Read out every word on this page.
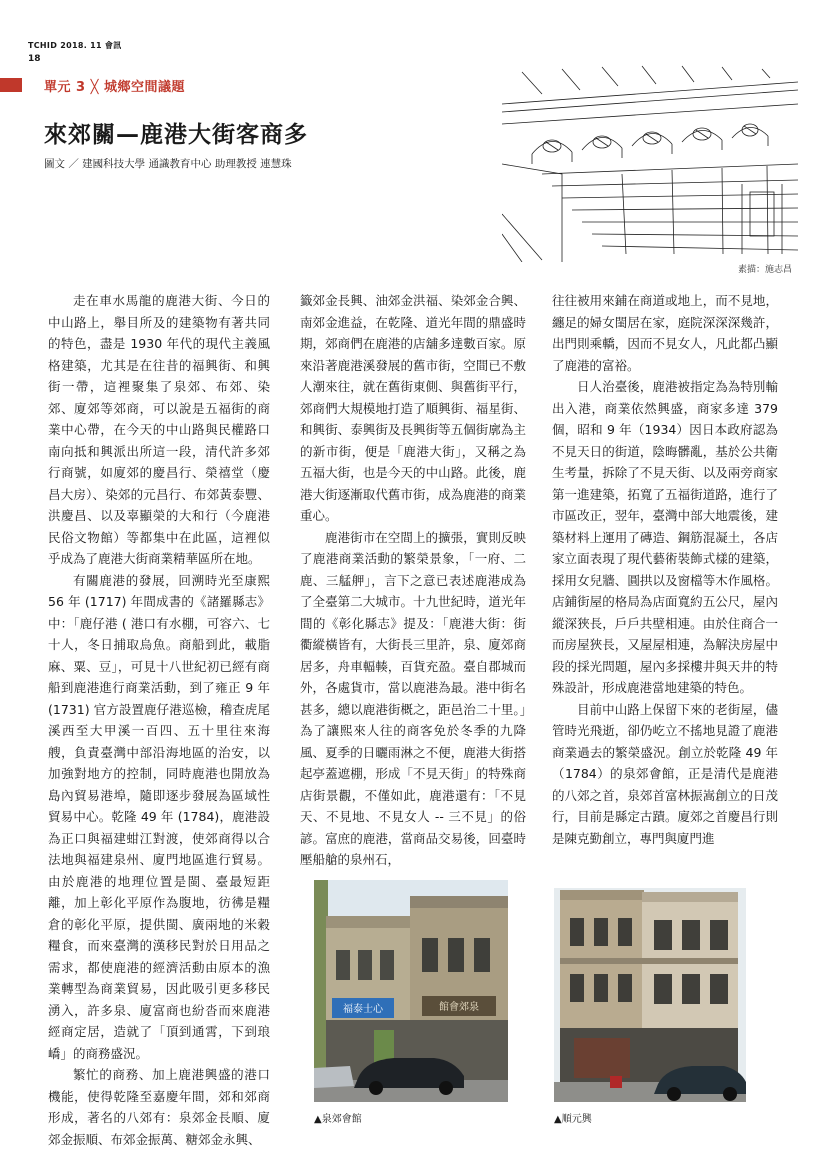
TCHID 2018. 11 會訊
18
單元 3 ╳ 城鄉空間議題
來郊關—鹿港大街客商多
圖文 ／ 建國科技大學 通識教育中心 助理教授 連慧珠
素描：施志昌

走在車水馬龍的鹿港大街、今日的中山路上，舉目所及的建築物有著共同的特色，盡是 1930 年代的現代主義風格建築，尤其是在往昔的福興街、和興街一帶，這裡聚集了泉郊、布郊、染郊、廈郊等郊商，可以說是五福街的商業中心帶，在今天的中山路與民權路口南向抵和興派出所這一段，清代許多郊行商號，如廈郊的慶昌行、榮禧堂（慶昌大房）、染郊的元昌行、布郊黃泰豐、洪慶昌、以及辜顯榮的大和行（今鹿港民俗文物館）等都集中在此區，這裡似乎成為了鹿港大街商業精華區所在地。

有關鹿港的發展，回溯時光至康熙 56 年 (1717) 年間成書的《諸羅縣志》中：「鹿仔港 ( 港口有水棚，可容六、七十人，冬日捕取烏魚。商船到此，載脂麻、粟、豆」，可見十八世紀初已經有商船到鹿港進行商業活動，到了雍正 9 年 (1731) 官方設置鹿仔港巡檢，稽查虎尾溪西至大甲溪一百四、五十里往來海艘，負責臺灣中部沿海地區的治安，以加強對地方的控制，同時鹿港也開放為島內貿易港埠，隨即逐步發展為區域性貿易中心。乾隆 49 年 (1784)，鹿港設為正口與福建蚶江對渡，使郊商得以合法地與福建泉州、廈門地區進行貿易。由於鹿港的地理位置是閩、臺最短距離，加上彰化平原作為腹地，彷彿是糧倉的彰化平原，提供閩、廣兩地的米穀糧食，而來臺灣的漢移民對於日用品之需求，都使鹿港的經濟活動由原本的漁業轉型為商業貿易，因此吸引更多移民湧入，許多泉、廈富商也紛沓而來鹿港經商定居，造就了「頂到通霄，下到琅嶠」的商務盛況。

繁忙的商務、加上鹿港興盛的港口機能，使得乾隆至嘉慶年間，郊和郊商形成，著名的八郊有：泉郊金長順、廈郊金振順、布郊金振萬、糖郊金永興、

籤郊金長興、油郊金洪福、染郊金合興、南郊金進益，在乾隆、道光年間的鼎盛時期，郊商們在鹿港的店舖多達數百家。原來沿著鹿港溪發展的舊市街，空間已不敷人潮來往，就在舊街東側、與舊街平行，郊商們大規模地打造了順興街、福星街、和興街、泰興街及長興街等五個街廓為主的新市街，便是「鹿港大街」，又稱之為五福大街，也是今天的中山路。此後，鹿港大街逐漸取代舊市街，成為鹿港的商業重心。

鹿港街市在空間上的擴張，實則反映了鹿港商業活動的繁榮景象，「一府、二鹿、三艋舺」，言下之意已表述鹿港成為了全臺第二大城市。十九世紀時，道光年間的《彰化縣志》提及：「鹿港大街：街衢縱橫皆有，大街長三里許，泉、廈郊商居多，舟車輻輳，百貨充盈。臺自郡城而外，各處貨市，當以鹿港為最。港中街名甚多，總以鹿港街概之，距邑治二十里。」為了讓熙來人往的商客免於冬季的九降風、夏季的日曬雨淋之不便，鹿港大街搭起亭蓋遮棚，形成「不見天街」的特殊商店街景觀，不僅如此，鹿港還有：「不見天、不見地、不見女人 -- 三不見」的俗諺。富庶的鹿港，當商品交易後，回臺時壓船艙的泉州石，

往往被用來鋪在商道或地上，而不見地，纏足的婦女閨居在家，庭院深深深幾許，出門則乘轎，因而不見女人，凡此都凸顯了鹿港的富裕。

日人治臺後，鹿港被指定為為特別輸出入港，商業依然興盛，商家多達 379 個，昭和 9 年（1934）因日本政府認為不見天日的街道，陰晦髒亂，基於公共衛生考量，拆除了不見天街、以及兩旁商家第一進建築，拓寬了五福街道路，進行了市區改正，翌年，臺灣中部大地震後，建築材料上運用了磚造、鋼筋混凝土，各店家立面表現了現代藝術裝飾式樣的建築，採用女兒牆、圓拱以及窗檔等木作風格。店鋪街屋的格局為店面寬約五公尺，屋內縱深狹長，戶戶共壁相連。由於住商合一而房屋狹長，又屋屋相連，為解決房屋中段的採光問題，屋內多採樓井與天井的特殊設計，形成鹿港當地建築的特色。

目前中山路上保留下來的老街屋，儘管時光飛逝，卻仍屹立不搖地見證了鹿港商業過去的繁榮盛況。創立於乾隆 49 年（1784）的泉郊會館，正是清代是鹿港的八郊之首，泉郊首富林振嵩創立的日茂行，目前是縣定古蹟。廈郊之首慶昌行則是陳克勤創立，專門與廈門進

福泰士心	館會郊泉
▲泉郊會館	▲順元興
